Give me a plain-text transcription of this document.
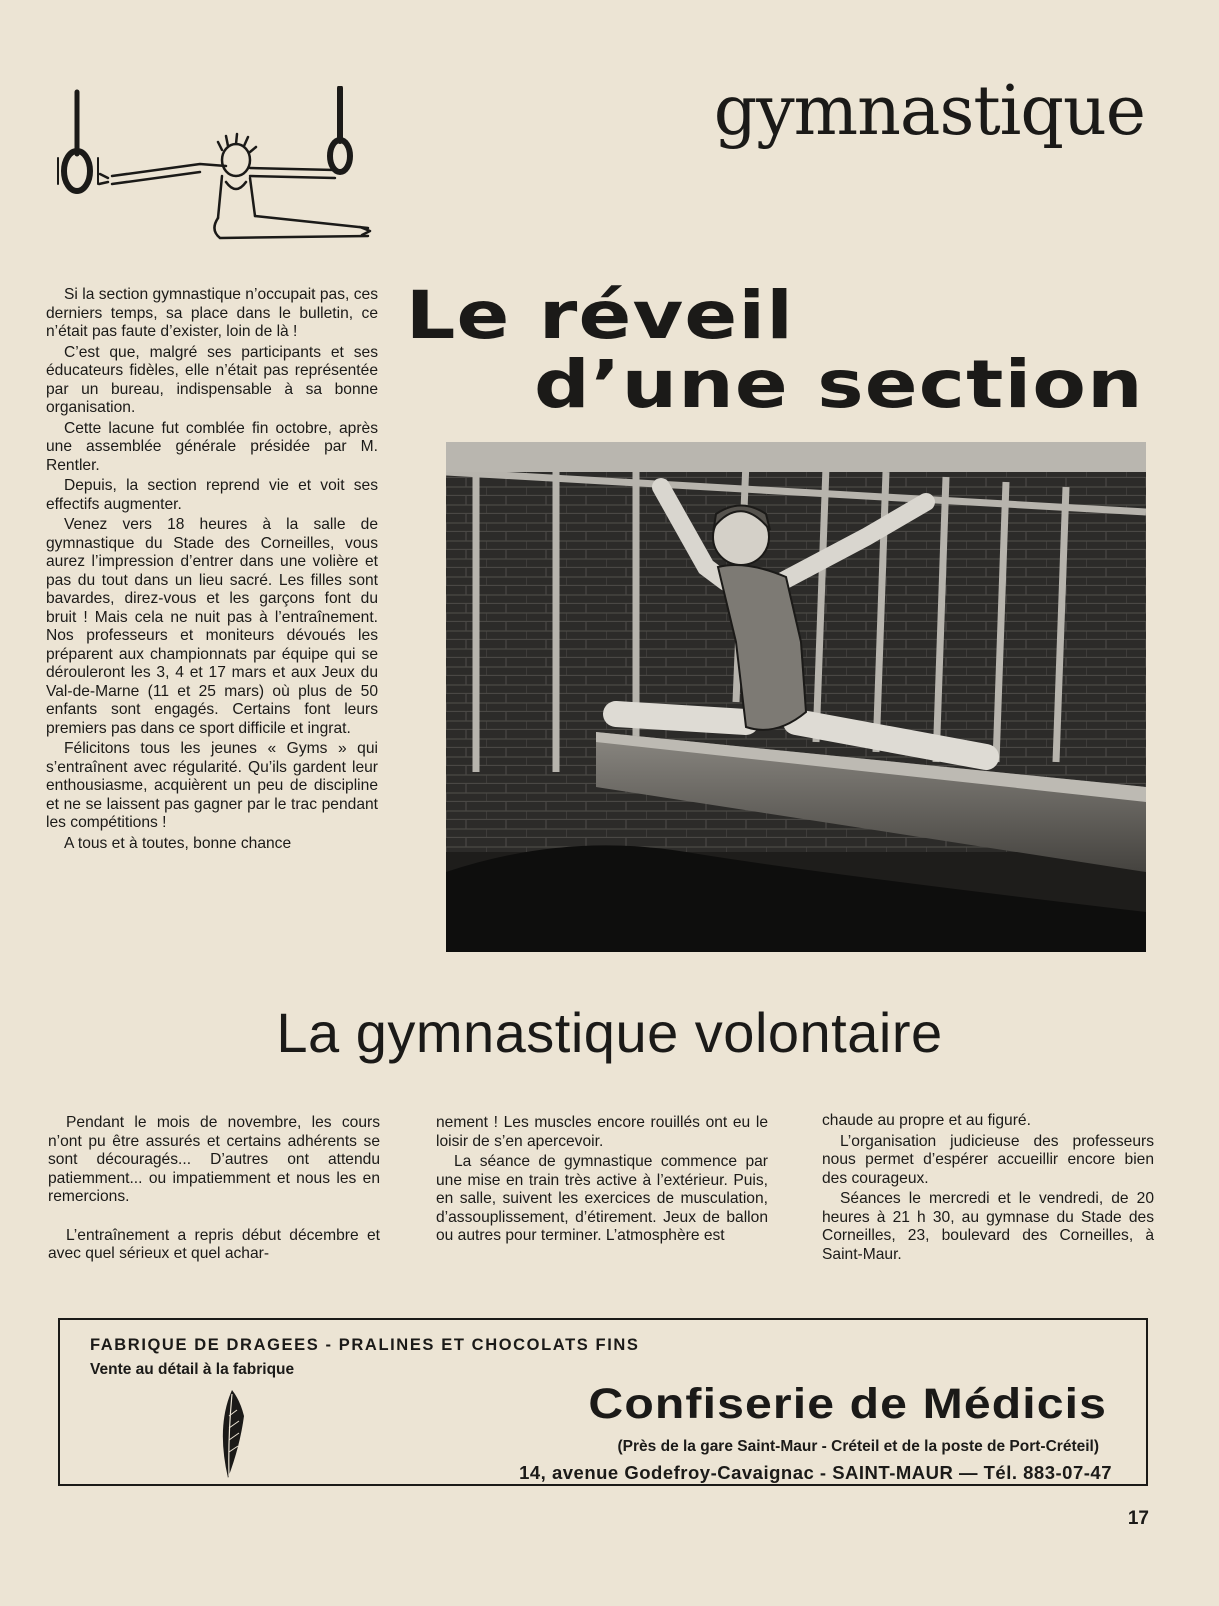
gymnastique
Le réveil
d’une section

Si la section gymnastique n’occupait pas, ces derniers temps, sa place dans le bulletin, ce n’était pas faute d’exister, loin de là !

C’est que, malgré ses participants et ses éducateurs fidèles, elle n’était pas représentée par un bureau, indispensable à sa bonne organisation.

Cette lacune fut comblée fin octobre, après une assemblée générale présidée par M. Rentler.

Depuis, la section reprend vie et voit ses effectifs augmenter.

Venez vers 18 heures à la salle de gymnastique du Stade des Corneilles, vous aurez l’impression d’entrer dans une volière et pas du tout dans un lieu sacré. Les filles sont bavardes, direz-vous et les garçons font du bruit ! Mais cela ne nuit pas à l’entraînement. Nos professeurs et moniteurs dévoués les préparent aux championnats par équipe qui se dérouleront les 3, 4 et 17 mars et aux Jeux du Val-de-Marne (11 et 25 mars) où plus de 50 enfants sont engagés. Certains font leurs premiers pas dans ce sport difficile et ingrat.

Félicitons tous les jeunes « Gyms » qui s’entraînent avec régularité. Qu’ils gardent leur enthousiasme, acquièrent un peu de discipline et ne se laissent pas gagner par le trac pendant les compétitions !

A tous et à toutes, bonne chance

La gymnastique volontaire

Pendant le mois de novembre, les cours n’ont pu être assurés et certains adhérents se sont découragés... D’autres ont attendu patiemment... ou impatiemment et nous les en remercions.

L’entraînement a repris début décembre et avec quel sérieux et quel achar-

nement ! Les muscles encore rouillés ont eu le loisir de s’en apercevoir.

La séance de gymnastique commence par une mise en train très active à l’extérieur. Puis, en salle, suivent les exercices de musculation, d’assouplissement, d’étirement. Jeux de ballon ou autres pour terminer. L’atmosphère est

chaude au propre et au figuré.

L’organisation judicieuse des professeurs nous permet d’espérer accueillir encore bien des courageux.

Séances le mercredi et le vendredi, de 20 heures à 21 h 30, au gymnase du Stade des Corneilles, 23, boulevard des Corneilles, à Saint-Maur.

FABRIQUE DE DRAGEES - PRALINES ET CHOCOLATS FINS
Vente au détail à la fabrique
Confiserie de Médicis
(Près de la gare Saint-Maur - Créteil et de la poste de Port-Créteil)
14, avenue Godefroy-Cavaignac - SAINT-MAUR — Tél. 883-07-47
17
